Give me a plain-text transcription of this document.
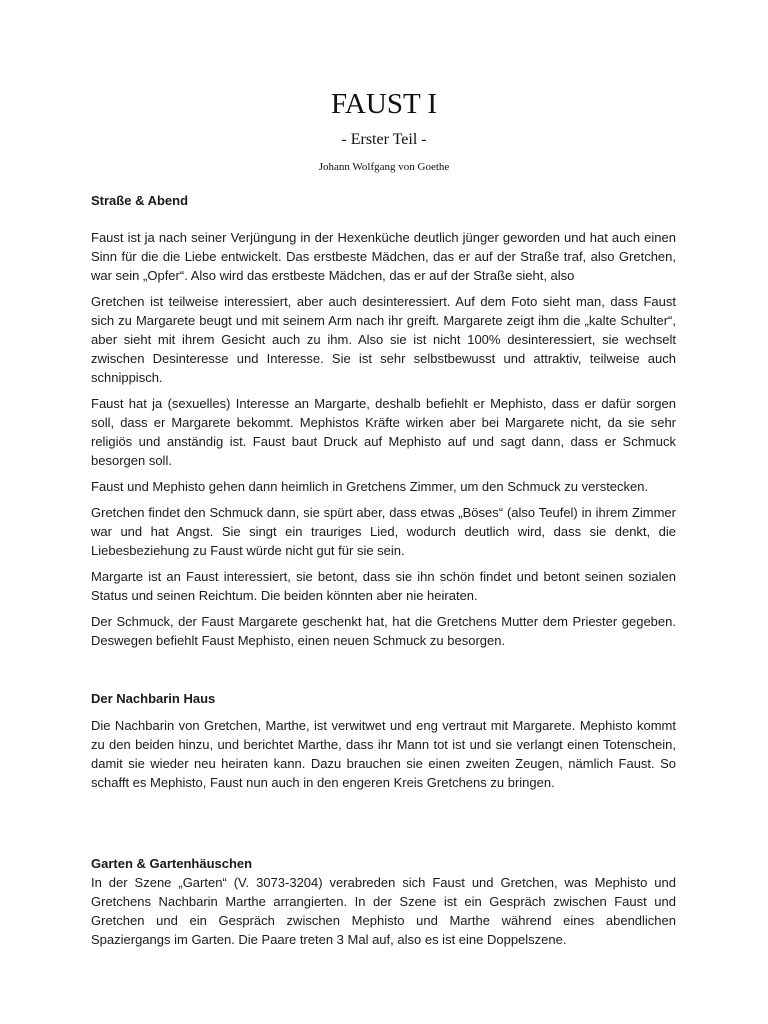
FAUST I

- Erster Teil -

Johann Wolfgang von Goethe

Straße & Abend

Faust ist ja nach seiner Verjüngung in der Hexenküche deutlich jünger geworden und hat auch einen Sinn für die die Liebe entwickelt. Das erstbeste Mädchen, das er auf der Straße traf, also Gretchen, war sein „Opfer“. Also wird das erstbeste Mädchen, das er auf der Straße sieht, also

Gretchen ist teilweise interessiert, aber auch desinteressiert. Auf dem Foto sieht man, dass Faust sich zu Margarete beugt und mit seinem Arm nach ihr greift. Margarete zeigt ihm die „kalte Schulter“, aber sieht mit ihrem Gesicht auch zu ihm. Also sie ist nicht 100% desinteressiert, sie wechselt zwischen Desinteresse und Interesse. Sie ist sehr selbstbewusst und attraktiv, teilweise auch schnippisch.

Faust hat ja (sexuelles) Interesse an Margarte, deshalb befiehlt er Mephisto, dass er dafür sorgen soll, dass er Margarete bekommt. Mephistos Kräfte wirken aber bei Margarete nicht, da sie sehr religiös und anständig ist. Faust baut Druck auf Mephisto auf und sagt dann, dass er Schmuck besorgen soll.

Faust und Mephisto gehen dann heimlich in Gretchens Zimmer, um den Schmuck zu verstecken.

Gretchen findet den Schmuck dann, sie spürt aber, dass etwas „Böses“ (also Teufel) in ihrem Zimmer war und hat Angst. Sie singt ein trauriges Lied, wodurch deutlich wird, dass sie denkt, die Liebesbeziehung zu Faust würde nicht gut für sie sein.

Margarte ist an Faust interessiert, sie betont, dass sie ihn schön findet und betont seinen sozialen Status und seinen Reichtum. Die beiden könnten aber nie heiraten.

Der Schmuck, der Faust Margarete geschenkt hat, hat die Gretchens Mutter dem Priester gegeben. Deswegen befiehlt Faust Mephisto, einen neuen Schmuck zu besorgen.

Der Nachbarin Haus

Die Nachbarin von Gretchen, Marthe, ist verwitwet und eng vertraut mit Margarete. Mephisto kommt zu den beiden hinzu, und berichtet Marthe, dass ihr Mann tot ist und sie verlangt einen Totenschein, damit sie wieder neu heiraten kann. Dazu brauchen sie einen zweiten Zeugen, nämlich Faust. So schafft es Mephisto, Faust nun auch in den engeren Kreis Gretchens zu bringen.

Garten & Gartenhäuschen

In der Szene „Garten“ (V. 3073-3204) verabreden sich Faust und Gretchen, was Mephisto und Gretchens Nachbarin Marthe arrangierten. In der Szene ist ein Gespräch zwischen Faust und Gretchen und ein Gespräch zwischen Mephisto und Marthe während eines abendlichen Spaziergangs im Garten. Die Paare treten 3 Mal auf, also es ist eine Doppelszene.
